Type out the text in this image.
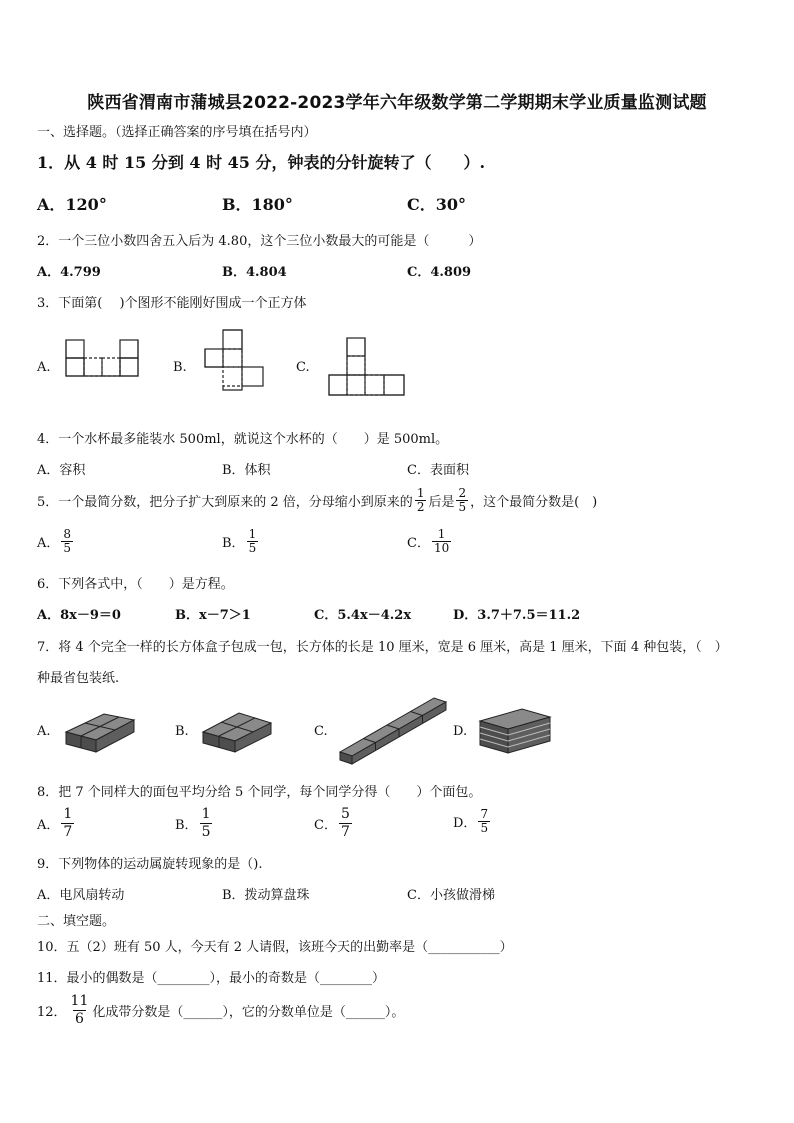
陕西省渭南市蒲城县2022-2023学年六年级数学第二学期期末学业质量监测试题
一、选择题。（选择正确答案的序号填在括号内）
1．从 4 时 15 分到 4 时 45 分，钟表的分针旋转了（　　）.
A．120°	B．180°	C．30°
2．一个三位小数四舍五入后为 4.80，这个三位小数最大的可能是（　　　）
A．4.799	B．4.804	C．4.809
3．下面第(　 )个图形不能刚好围成一个正方体
A.	B.	C.
4．一个水杯最多能装水 500ml，就说这个水杯的（　　）是 500ml。
A．容积	B．体积	C．表面积
5．一个最简分数，把分子扩大到原来的 2 倍，分母缩小到原来的 $\frac{1}{2}$ 后是 $\frac{2}{5}$ ，这个最简分数是(　)
A． $\frac{8}{5}$	B． $\frac{1}{5}$	C． $\frac{1}{10}$
6．下列各式中，（　　）是方程。
A．8x－9＝0	B．x－7＞1	C．5.4x－4.2x	D．3.7＋7.5＝11.2
7．将 4 个完全一样的长方体盒子包成一包，长方体的长是 10 厘米，宽是 6 厘米，高是 1 厘米，下面 4 种包装，（　）
种最省包装纸.
A.	B.	C.	D.
8．把 7 个同样大的面包平均分给 5 个同学，每个同学分得（　　）个面包。
A． $\frac{1}{7}$	B． $\frac{1}{5}$	C． $\frac{5}{7}$	D． $\frac{7}{5}$
9．下列物体的运动属旋转现象的是（).
A．电风扇转动	B．拨动算盘珠	C．小孩做滑梯
二、填空题。
10．五（2）班有 50 人，今天有 2 人请假，该班今天的出勤率是（___________）
11．最小的偶数是（________），最小的奇数是（________）
12． $\frac{11}{6}$ 化成带分数是（______），它的分数单位是（______）。
